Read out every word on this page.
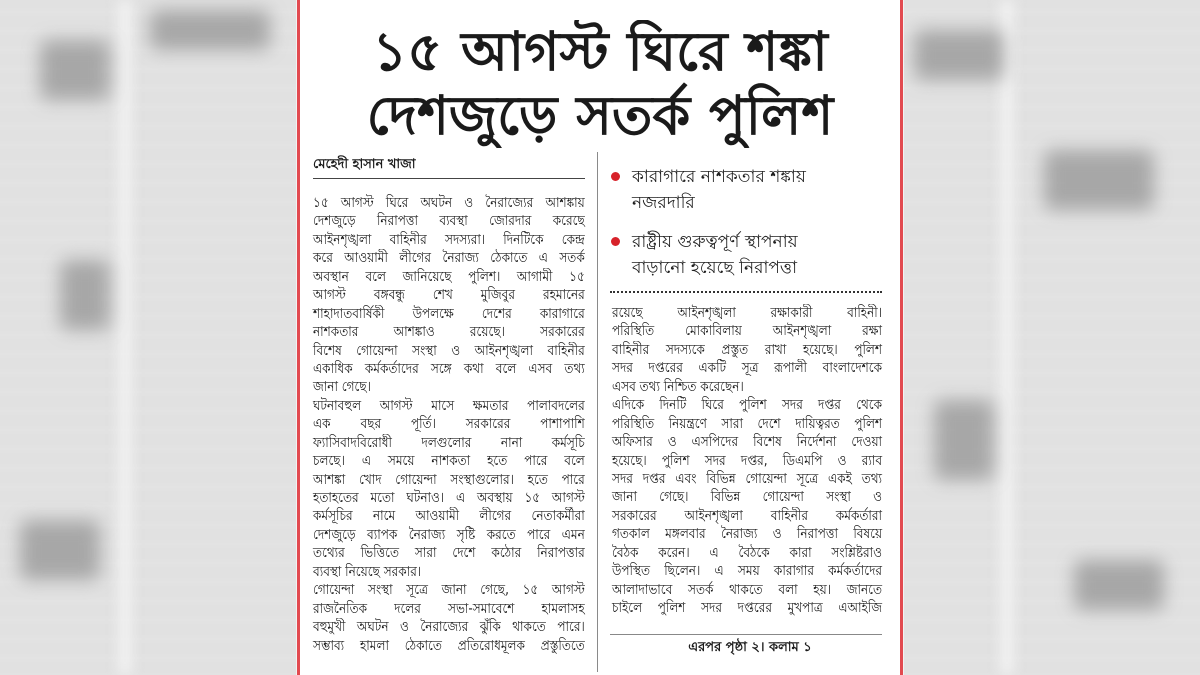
১৫ আগস্ট ঘিরে শঙ্কা
দেশজুড়ে সতর্ক পুলিশ
মেহেদী হাসান খাজা
১৫ আগস্ট ঘিরে অঘটন ও নৈরাজ্যের আশঙ্কায়
দেশজুড়ে নিরাপত্তা ব্যবস্থা জোরদার করেছে
আইনশৃঙ্খলা বাহিনীর সদস্যরা। দিনটিকে কেন্দ্র
করে আওয়ামী লীগের নৈরাজ্য ঠেকাতে এ সতর্ক
অবস্থান বলে জানিয়েছে পুলিশ। আগামী ১৫
আগস্ট বঙ্গবন্ধু শেখ মুজিবুর রহমানের
শাহাদাতবার্ষিকী উপলক্ষে দেশের কারাগারে
নাশকতার আশঙ্কাও রয়েছে। সরকারের
বিশেষ গোয়েন্দা সংস্থা ও আইনশৃঙ্খলা বাহিনীর
একাধিক কর্মকর্তাদের সঙ্গে কথা বলে এসব তথ্য
জানা গেছে।
ঘটনাবহুল আগস্ট মাসে ক্ষমতার পালাবদলের
এক বছর পূর্তি। সরকারের পাশাপাশি
ফ্যাসিবাদবিরোধী দলগুলোর নানা কর্মসূচি
চলছে। এ সময়ে নাশকতা হতে পারে বলে
আশঙ্কা খোদ গোয়েন্দা সংস্থাগুলোর। হতে পারে
হতাহতের মতো ঘটনাও। এ অবস্থায় ১৫ আগস্ট
কর্মসূচির নামে আওয়ামী লীগের নেতাকর্মীরা
দেশজুড়ে ব্যাপক নৈরাজ্য সৃষ্টি করতে পারে এমন
তথ্যের ভিত্তিতে সারা দেশে কঠোর নিরাপত্তার
ব্যবস্থা নিয়েছে সরকার।
গোয়েন্দা সংস্থা সূত্রে জানা গেছে, ১৫ আগস্ট
রাজনৈতিক দলের সভা-সমাবেশে হামলাসহ
বহুমুখী অঘটন ও নৈরাজ্যের ঝুঁকি থাকতে পারে।
সম্ভাব্য হামলা ঠেকাতে প্রতিরোধমূলক প্রস্তুতিতে
কারাগারে নাশকতার শঙ্কায়
নজরদারি
রাষ্ট্রীয় গুরুত্বপূর্ণ স্থাপনায়
বাড়ানো হয়েছে নিরাপত্তা
রয়েছে আইনশৃঙ্খলা রক্ষাকারী বাহিনী।
পরিস্থিতি মোকাবিলায় আইনশৃঙ্খলা রক্ষা
বাহিনীর সদস্যকে প্রস্তুত রাখা হয়েছে। পুলিশ
সদর দপ্তরের একটি সূত্র রূপালী বাংলাদেশকে
এসব তথ্য নিশ্চিত করেছেন।
এদিকে দিনটি ঘিরে পুলিশ সদর দপ্তর থেকে
পরিস্থিতি নিয়ন্ত্রণে সারা দেশে দায়িত্বরত পুলিশ
অফিসার ও এসপিদের বিশেষ নির্দেশনা দেওয়া
হয়েছে। পুলিশ সদর দপ্তর, ডিএমপি ও র‍্যাব
সদর দপ্তর এবং বিভিন্ন গোয়েন্দা সূত্রে একই তথ্য
জানা গেছে। বিভিন্ন গোয়েন্দা সংস্থা ও
সরকারের আইনশৃঙ্খলা বাহিনীর কর্মকর্তারা
গতকাল মঙ্গলবার নৈরাজ্য ও নিরাপত্তা বিষয়ে
বৈঠক করেন। এ বৈঠকে কারা সংশ্লিষ্টরাও
উপস্থিত ছিলেন। এ সময় কারাগার কর্মকর্তাদের
আলাদাভাবে সতর্ক থাকতে বলা হয়। জানতে
চাইলে পুলিশ সদর দপ্তরের মুখপাত্র এআইজি
এরপর পৃষ্ঠা ২। কলাম ১
